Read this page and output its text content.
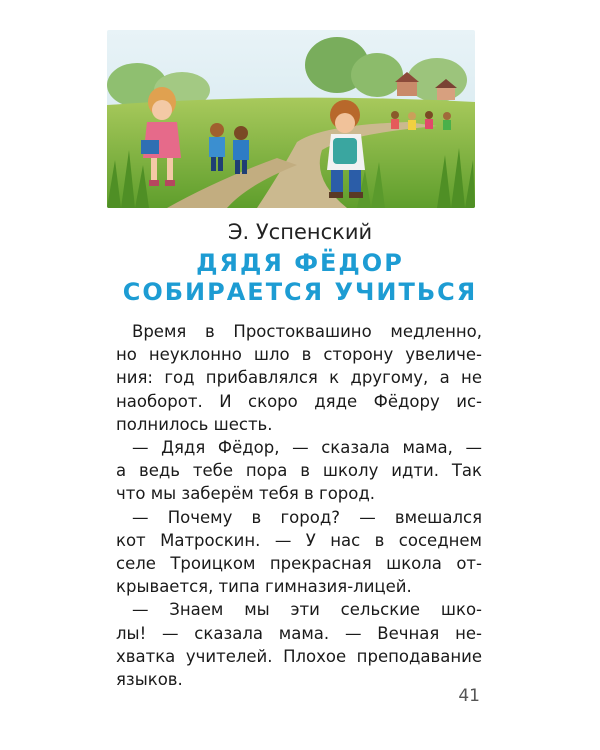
Э. Успенский
ДЯДЯ ФЁДОР
СОБИРАЕТСЯ УЧИТЬСЯ
Время в Простоквашино медленно,
но неуклонно шло в сторону увеличе-
ния: год прибавлялся к другому, а не
наоборот. И скоро дяде Фёдору ис-
полнилось шесть.
— Дядя Фёдор, — сказала мама, —
а ведь тебе пора в школу идти. Так
что мы заберём тебя в город.
— Почему в город? — вмешался
кот Матроскин. — У нас в соседнем
селе Троицком прекрасная школа от-
крывается, типа гимназия-лицей.
— Знаем мы эти сельские шко-
лы! — сказала мама. — Вечная не-
хватка учителей. Плохое преподавание
языков.
41
